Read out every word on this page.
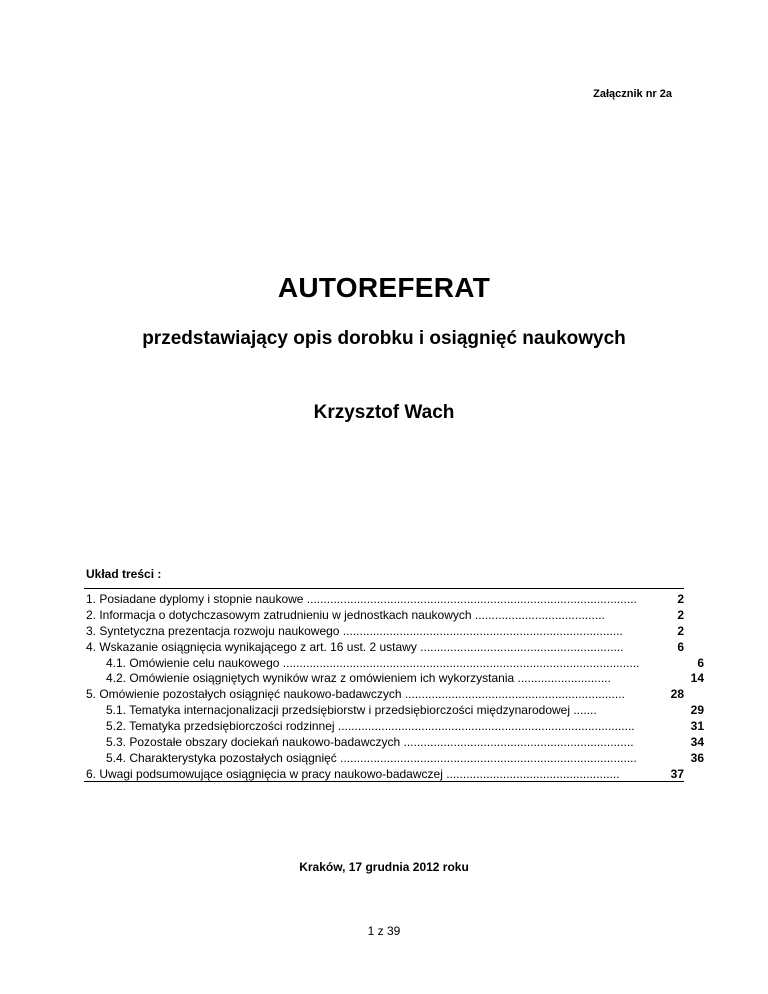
Załącznik nr 2a
AUTOREFERAT
przedstawiający opis dorobku i osiągnięć naukowych
Krzysztof Wach
Układ treści :
1. Posiadane dyplomy i stopnie naukowe ...................................................................................................	2
2. Informacja o dotychczasowym zatrudnieniu w jednostkach naukowych .......................................	2
3. Syntetyczna prezentacja rozwoju naukowego ....................................................................................	2
4. Wskazanie osiągnięcia wynikającego z art. 16 ust. 2 ustawy .............................................................	6
4.1. Omówienie celu naukowego ...........................................................................................................	6
4.2. Omówienie osiągniętych wyników wraz z omówieniem ich wykorzystania ............................	14
5. Omówienie pozostałych osiągnięć naukowo-badawczych ..................................................................	28
5.1. Tematyka internacjonalizacji przedsiębiorstw i przedsiębiorczości międzynarodowej .......	29
5.2. Tematyka przedsiębiorczości rodzinnej .........................................................................................	31
5.3. Pozostałe obszary dociekań naukowo-badawczych .....................................................................	34
5.4. Charakterystyka pozostałych osiągnięć .........................................................................................	36
6. Uwagi podsumowujące osiągnięcia w pracy naukowo-badawczej ....................................................	37
Kraków, 17 grudnia 2012 roku
1 z 39
